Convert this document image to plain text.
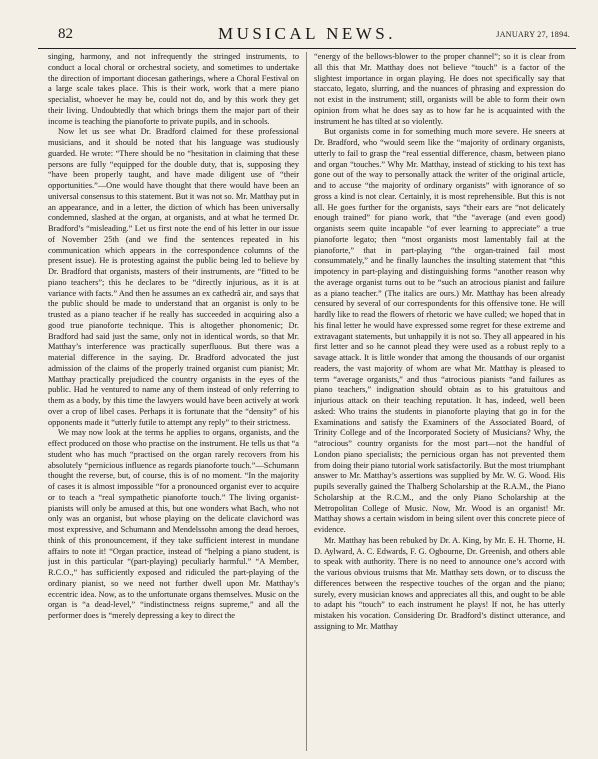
82	MUSICAL NEWS.	JANUARY 27, 1894.

singing, harmony, and not infrequently the stringed instruments, to conduct a local choral or orchestral society, and sometimes to undertake the direction of important diocesan gatherings, where a Choral Festival on a large scale takes place. This is their work, work that a mere piano specialist, whoever he may be, could not do, and by this work they get their living. Undoubtedly that which brings them the major part of their income is teaching the pianoforte to private pupils, and in schools.

Now let us see what Dr. Bradford claimed for these professional musicians, and it should be noted that his language was studiously guarded. He wrote: “There should be no “hesitation in claiming that these persons are fully “equipped for the double duty, that is, supposing they “have been properly taught, and have made diligent use of “their opportunities.”—One would have thought that there would have been an universal consensus to this statement. But it was not so. Mr. Matthay put in an appearance, and in a letter, the diction of which has been universally condemned, slashed at the organ, at organists, and at what he termed Dr. Bradford’s “misleading.” Let us first note the end of his letter in our issue of November 25th (and we find the sentences repeated in his communication which appears in the correspondence columns of the present issue). He is protesting against the public being led to believe by Dr. Bradford that organists, masters of their instruments, are “fitted to be piano teachers”; this he declares to be “directly injurious, as it is at variance with facts.” And then he assumes an ex cathedrâ air, and says that the public should be made to understand that an organist is only to be trusted as a piano teacher if he really has succeeded in acquiring also a good true pianoforte technique. This is altogether phonomenic; Dr. Bradford had said just the same, only not in identical words, so that Mr. Matthay’s interference was practically superfluous. But there was a material difference in the saying. Dr. Bradford advocated the just admission of the claims of the properly trained organist cum pianist; Mr. Matthay practically prejudiced the country organists in the eyes of the public. Had he ventured to name any of them instead of only referring to them as a body, by this time the lawyers would have been actively at work over a crop of libel cases. Perhaps it is fortunate that the “density” of his opponents made it “utterly futile to attempt any reply” to their strictness.

We may now look at the terms he applies to organs, organists, and the effect produced on those who practise on the instrument. He tells us that “a student who has much “practised on the organ rarely recovers from his absolutely “pernicious influence as regards pianoforte touch.”—Schumann thought the reverse, but, of course, this is of no moment. “In the majority of cases it is almost impossible “for a pronounced organist ever to acquire or to teach a “real sympathetic pianoforte touch.” The living organist-pianists will only be amused at this, but one wonders what Bach, who not only was an organist, but whose playing on the delicate clavichord was most expressive, and Schumann and Mendelssohn among the dead heroes, think of this pronouncement, if they take sufficient interest in mundane affairs to note it! “Organ practice, instead of “helping a piano student, is just in this particular “(part-playing) peculiarly harmful.” “A Member, R.C.O.,” has sufficiently exposed and ridiculed the part-playing of the ordinary pianist, so we need not further dwell upon Mr. Matthay’s eccentric idea. Now, as to the unfortunate organs themselves. Music on the organ is “a dead-level,” “indistinctness reigns supreme,” and all the performer does is “merely depressing a key to direct the

“energy of the bellows-blower to the proper channel”; so it is clear from all this that Mr. Matthay does not believe “touch” is a factor of the slightest importance in organ playing. He does not specifically say that staccato, legato, slurring, and the nuances of phrasing and expression do not exist in the instrument; still, organists will be able to form their own opinion from what he does say as to how far he is acquainted with the instrument he has tilted at so violently.

But organists come in for something much more severe. He sneers at Dr. Bradford, who “would seem like the “majority of ordinary organists, utterly to fail to grasp the “real essential difference, chasm, between piano and organ “touches.” Why Mr. Matthay, instead of sticking to his text has gone out of the way to personally attack the writer of the original article, and to accuse “the majority of ordinary organists” with ignorance of so gross a kind is not clear. Certainly, it is most reprehensible. But this is not all. He goes further for the organists, says “their ears are “not delicately enough trained” for piano work, that “the “average (and even good) organists seem quite incapable “of ever learning to appreciate” a true pianoforte legato; then “most organists most lamentably fail at the pianoforte,” that in part-playing “the organ-trained fail most consummately,” and he finally launches the insulting statement that “this impotency in part-playing and distinguishing forms “another reason why the average organist turns out to be “such an atrocious pianist and failure as a piano teacher.” (The italics are ours.) Mr. Matthay has been already censured by several of our correspondents for this offensive tone. He will hardly like to read the flowers of rhetoric we have culled; we hoped that in his final letter he would have expressed some regret for these extreme and extravagant statements, but unhappily it is not so. They all appeared in his first letter and so he cannot plead they were used as a robust reply to a savage attack. It is little wonder that among the thousands of our organist readers, the vast majority of whom are what Mr. Matthay is pleased to term “average organists,” and thus “atrocious pianists “and failures as piano teachers,” indignation should obtain as to his gratuitous and injurious attack on their teaching reputation. It has, indeed, well been asked: Who trains the students in pianoforte playing that go in for the Examinations and satisfy the Examiners of the Associated Board, of Trinity College and of the Incorporated Society of Musicians? Why, the “atrocious” country organists for the most part—not the handful of London piano specialists; the pernicious organ has not prevented them from doing their piano tutorial work satisfactorily. But the most triumphant answer to Mr. Matthay’s assertions was supplied by Mr. W. G. Wood. His pupils severally gained the Thalberg Scholarship at the R.A.M., the Piano Scholarship at the R.C.M., and the only Piano Scholarship at the Metropolitan College of Music. Now, Mr. Wood is an organist! Mr. Matthay shows a certain wisdom in being silent over this concrete piece of evidence.

Mr. Matthay has been rebuked by Dr. A. King, by Mr. E. H. Thorne, H. D. Aylward, A. C. Edwards, F. G. Ogbourne, Dr. Greenish, and others able to speak with authority. There is no need to announce one’s accord with the various obvious truisms that Mr. Matthay sets down, or to discuss the differences between the respective touches of the organ and the piano; surely, every musician knows and appreciates all this, and ought to be able to adapt his “touch” to each instrument he plays! If not, he has utterly mistaken his vocation. Considering Dr. Bradford’s distinct utterance, and assigning to Mr. Matthay
